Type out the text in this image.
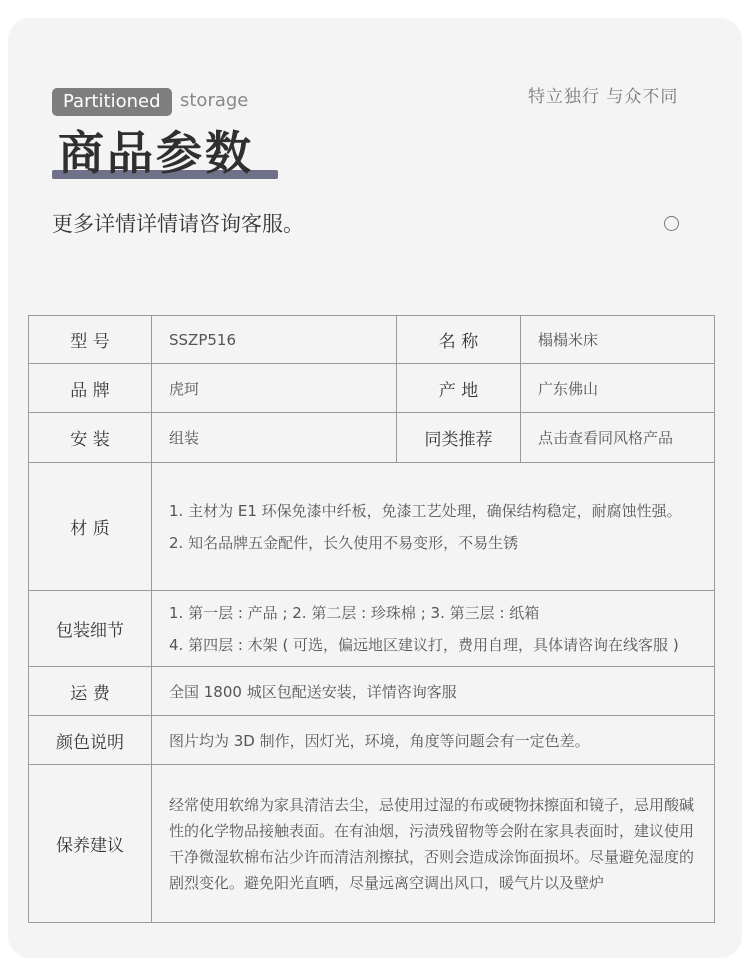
Partitioned	storage	特立独行 与众不同
商品参数
更多详情详情请咨询客服。
型 号	SSZP516	名 称	榻榻米床
品 牌	虎珂	产 地	广东佛山
安 装	组装	同类推荐	点击查看同风格产品
材 质	1. 主材为 E1 环保免漆中纤板，免漆工艺处理，确保结构稳定，耐腐蚀性强。
2. 知名品牌五金配件，长久使用不易变形，不易生锈		

包装细节	1. 第一层 : 产品 ; 2. 第二层 : 珍珠棉 ; 3. 第三层 : 纸箱
4. 第四层 : 木架 ( 可选，偏远地区建议打，费用自理，具体请咨询在线客服 )		

运 费	全国 1800 城区包配送安装，详情咨询客服		
颜色说明	图片均为 3D 制作，因灯光，环境，角度等问题会有一定色差。		
保养建议	经常使用软绵为家具清洁去尘，忌使用过湿的布或硬物抹擦面和镜子，忌用酸碱性的化学物品接触表面。在有油烟，污渍残留物等会附在家具表面时，建议使用干净微湿软棉布沾少许而清洁剂擦拭，否则会造成涂饰面损坏。尽量避免湿度的剧烈变化。避免阳光直晒，尽量远离空调出风口，暖气片以及壁炉		
